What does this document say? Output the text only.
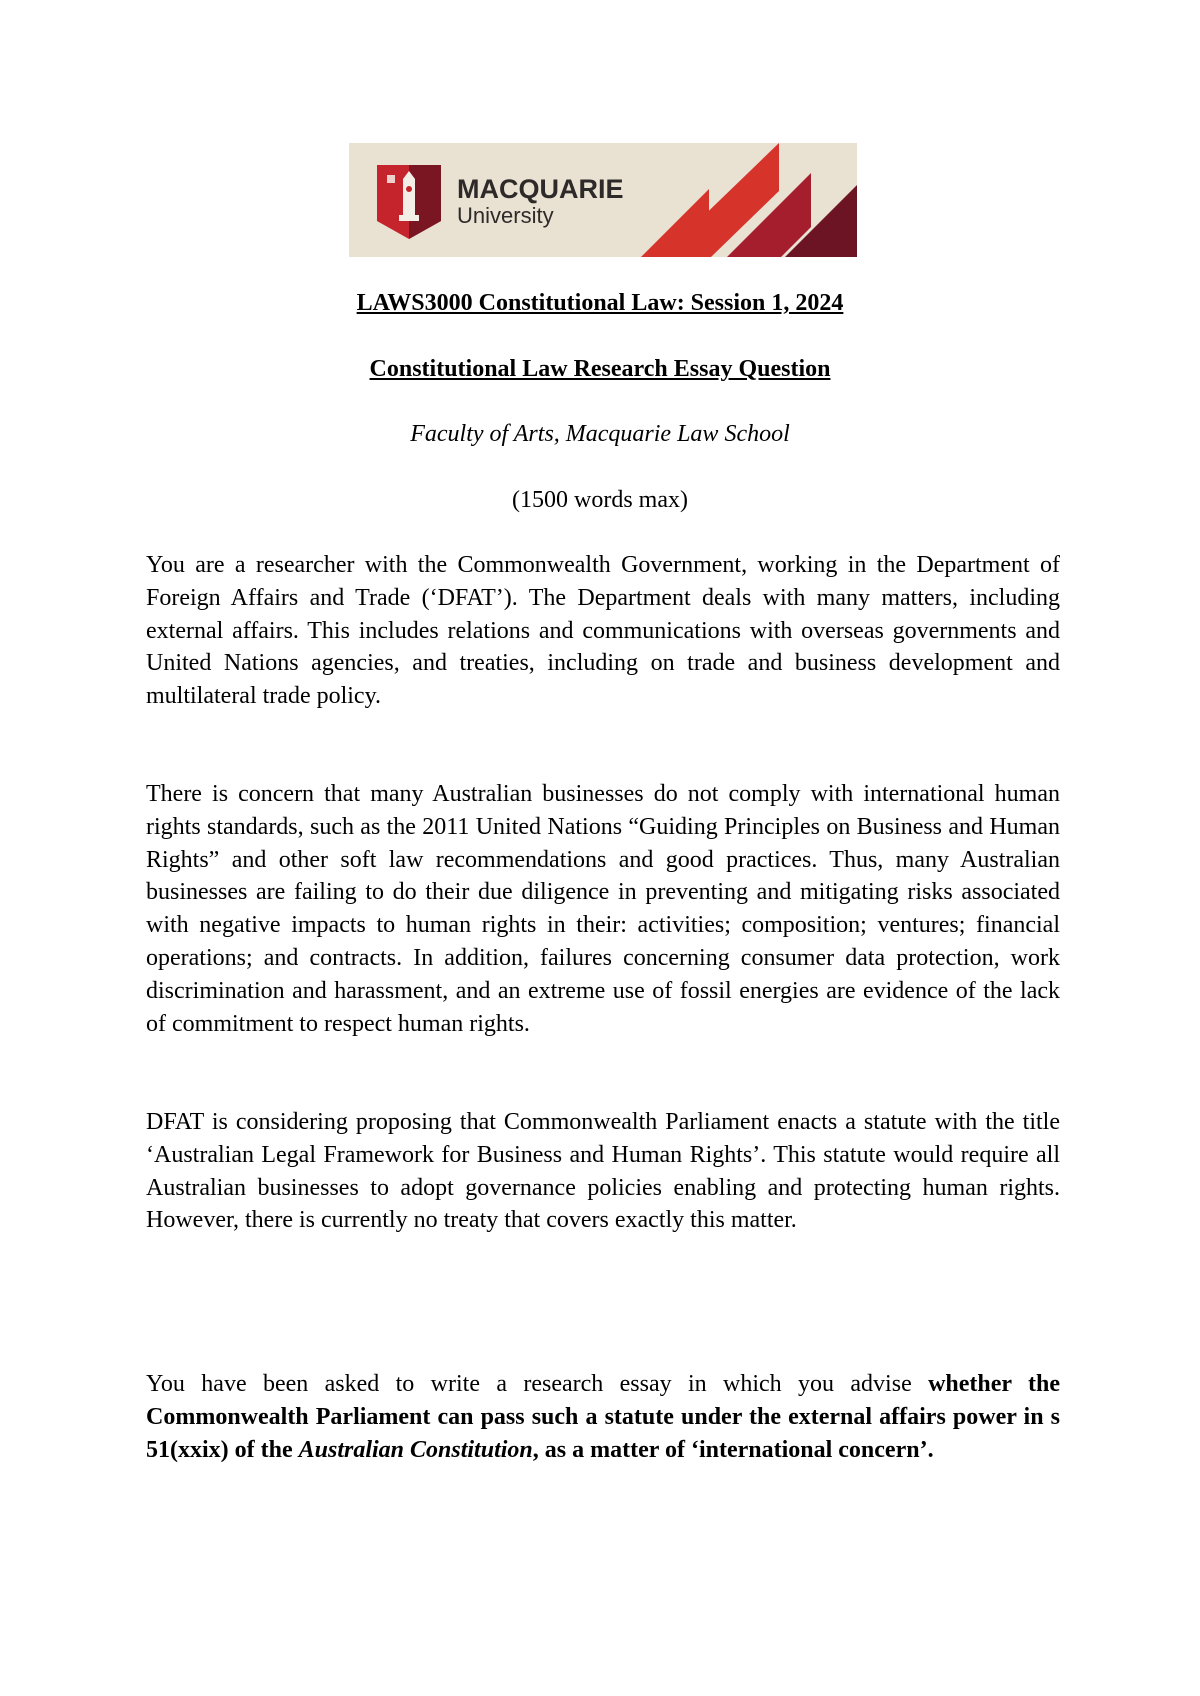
MACQUARIE
University
LAWS3000 Constitutional Law: Session 1, 2024
Constitutional Law Research Essay Question
Faculty of Arts, Macquarie Law School
(1500 words max)
You are a researcher with the Commonwealth Government, working in the Department of Foreign Affairs and Trade (‘DFAT’). The Department deals with many matters, including external affairs. This includes relations and communications with overseas governments and United Nations agencies, and treaties, including on trade and business development and multilateral trade policy.
There is concern that many Australian businesses do not comply with international human rights standards, such as the 2011 United Nations “Guiding Principles on Business and Human Rights” and other soft law recommendations and good practices. Thus, many Australian businesses are failing to do their due diligence in preventing and mitigating risks associated with negative impacts to human rights in their: activities; composition; ventures; financial operations; and contracts. In addition, failures concerning consumer data protection, work discrimination and harassment, and an extreme use of fossil energies are evidence of the lack of commitment to respect human rights.
DFAT is considering proposing that Commonwealth Parliament enacts a statute with the title ‘Australian Legal Framework for Business and Human Rights’. This statute would require all Australian businesses to adopt governance policies enabling and protecting human rights. However, there is currently no treaty that covers exactly this matter.
You have been asked to write a research essay in which you advise whether the Commonwealth Parliament can pass such a statute under the external affairs power in s 51(xxix) of the Australian Constitution, as a matter of ‘international concern’.
